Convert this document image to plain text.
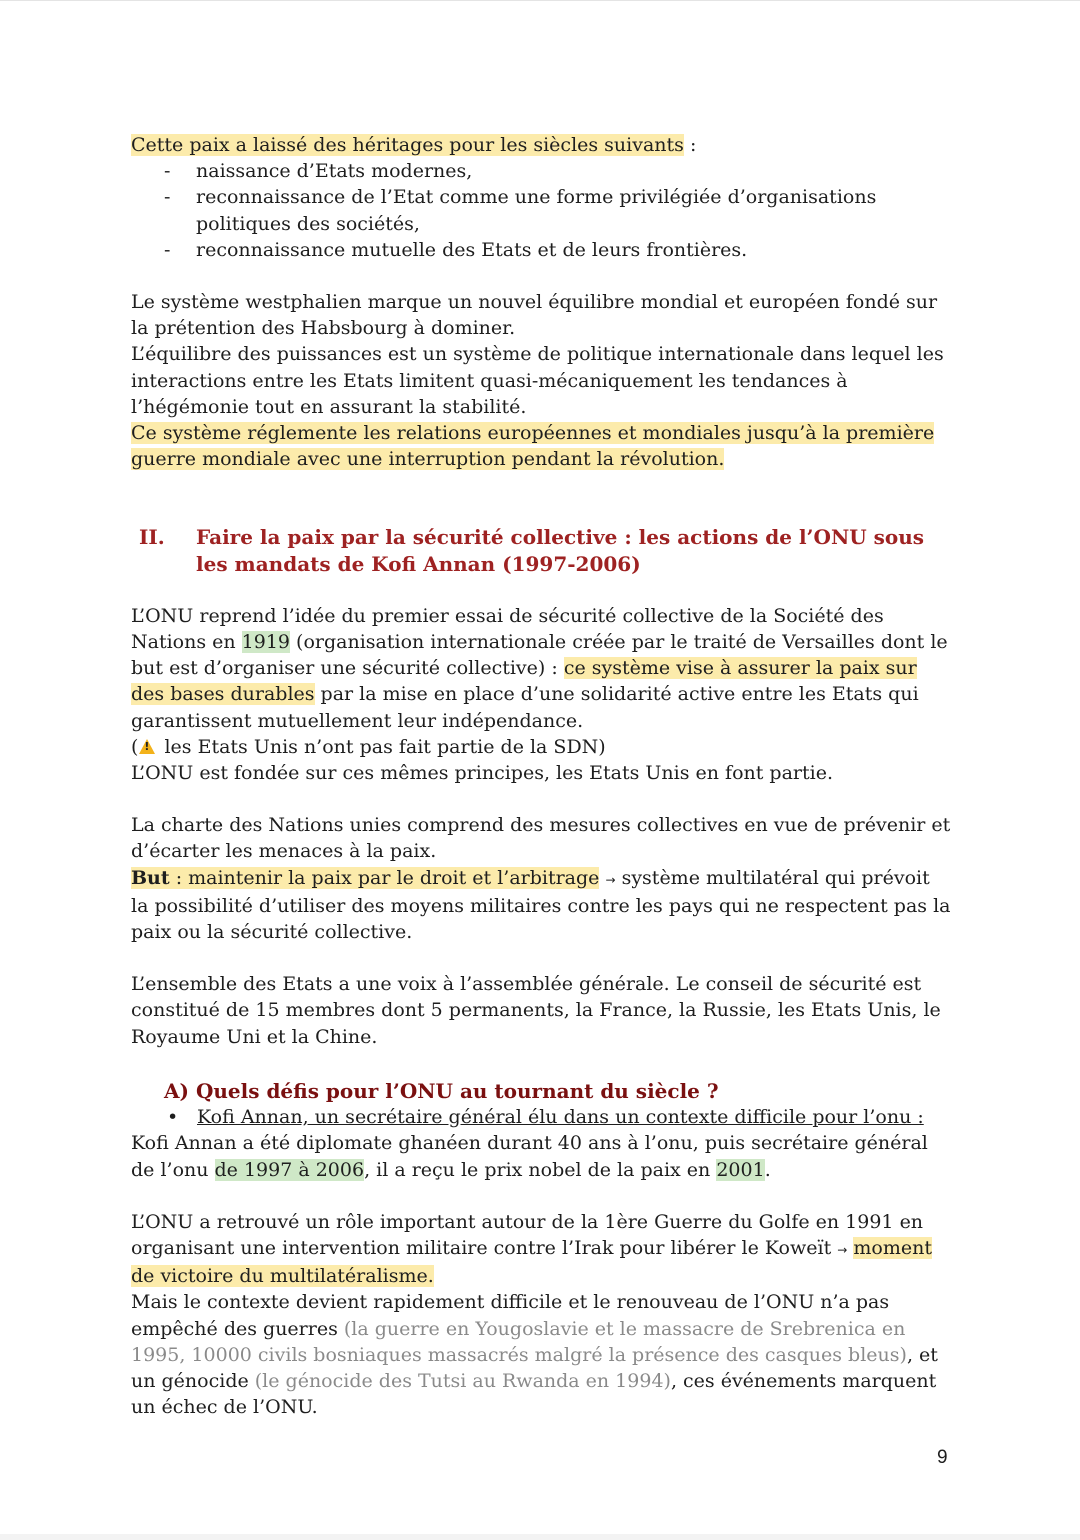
Cette paix a laissé des héritages pour les siècles suivants :

- naissance d’Etats modernes,
- reconnaissance de l’Etat comme une forme privilégiée d’organisations politiques des sociétés,
- reconnaissance mutuelle des Etats et de leurs frontières.

Le système westphalien marque un nouvel équilibre mondial et européen fondé sur la prétention des Habsbourg à dominer.

L’équilibre des puissances est un système de politique internationale dans lequel les interactions entre les Etats limitent quasi-mécaniquement les tendances à l’hégémonie tout en assurant la stabilité.

Ce système réglemente les relations européennes et mondiales jusqu’à la première guerre mondiale avec une interruption pendant la révolution.

II. Faire la paix par la sécurité collective : les actions de l’ONU sous les mandats de Kofi Annan (1997-2006)

L’ONU reprend l’idée du premier essai de sécurité collective de la Société des Nations en 1919 (organisation internationale créée par le traité de Versailles dont le but est d’organiser une sécurité collective) : ce système vise à assurer la paix sur des bases durables par la mise en place d’une solidarité active entre les Etats qui garantissent mutuellement leur indépendance.

(! les Etats Unis n’ont pas fait partie de la SDN)

L’ONU est fondée sur ces mêmes principes, les Etats Unis en font partie.

La charte des Nations unies comprend des mesures collectives en vue de prévenir et d’écarter les menaces à la paix.

But : maintenir la paix par le droit et l’arbitrage → système multilatéral qui prévoit la possibilité d’utiliser des moyens militaires contre les pays qui ne respectent pas la paix ou la sécurité collective.

L’ensemble des Etats a une voix à l’assemblée générale. Le conseil de sécurité est constitué de 15 membres dont 5 permanents, la France, la Russie, les Etats Unis, le Royaume Uni et la Chine.

A) Quels défis pour l’ONU au tournant du siècle ?

• Kofi Annan, un secrétaire général élu dans un contexte difficile pour l’onu :

Kofi Annan a été diplomate ghanéen durant 40 ans à l’onu, puis secrétaire général de l’onu de 1997 à 2006, il a reçu le prix nobel de la paix en 2001.

L’ONU a retrouvé un rôle important autour de la 1ère Guerre du Golfe en 1991 en organisant une intervention militaire contre l’Irak pour libérer le Koweït → moment de victoire du multilatéralisme.

Mais le contexte devient rapidement difficile et le renouveau de l’ONU n’a pas empêché des guerres (la guerre en Yougoslavie et le massacre de Srebrenica en 1995, 10000 civils bosniaques massacrés malgré la présence des casques bleus), et un génocide (le génocide des Tutsi au Rwanda en 1994), ces événements marquent un échec de l’ONU.

9
